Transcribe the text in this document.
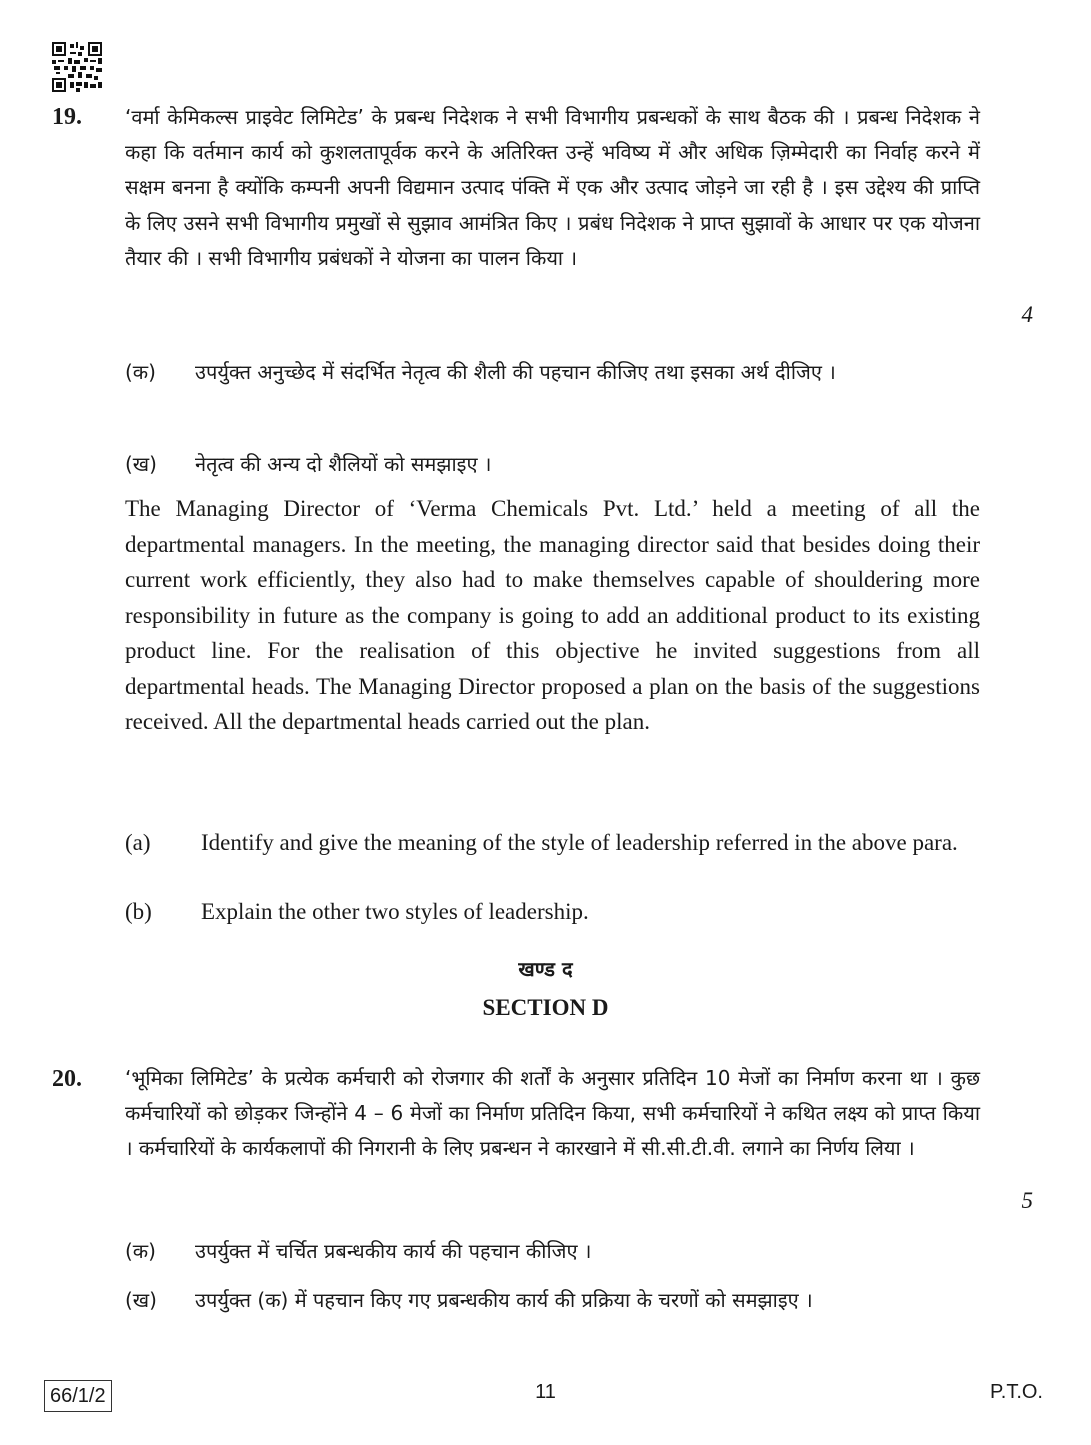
19. ‘वर्मा केमिकल्स प्राइवेट लिमिटेड’ के प्रबन्ध निदेशक ने सभी विभागीय प्रबन्धकों के साथ बैठक की । प्रबन्ध निदेशक ने कहा कि वर्तमान कार्य को कुशलतापूर्वक करने के अतिरिक्त उन्हें भविष्य में और अधिक ज़िम्मेदारी का निर्वाह करने में सक्षम बनना है क्योंकि कम्पनी अपनी विद्यमान उत्पाद पंक्ति में एक और उत्पाद जोड़ने जा रही है । इस उद्देश्य की प्राप्ति के लिए उसने सभी विभागीय प्रमुखों से सुझाव आमंत्रित किए । प्रबंध निदेशक ने प्राप्त सुझावों के आधार पर एक योजना तैयार की । सभी विभागीय प्रबंधकों ने योजना का पालन किया ।
4
(क) उपर्युक्त अनुच्छेद में संदर्भित नेतृत्व की शैली की पहचान कीजिए तथा इसका अर्थ दीजिए ।
(ख) नेतृत्व की अन्य दो शैलियों को समझाइए ।
The Managing Director of ‘Verma Chemicals Pvt. Ltd.’ held a meeting of all the departmental managers. In the meeting, the managing director said that besides doing their current work efficiently, they also had to make themselves capable of shouldering more responsibility in future as the company is going to add an additional product to its existing product line. For the realisation of this objective he invited suggestions from all departmental heads. The Managing Director proposed a plan on the basis of the suggestions received. All the departmental heads carried out the plan.
(a) Identify and give the meaning of the style of leadership referred in the above para.
(b) Explain the other two styles of leadership.
खण्ड द
SECTION D
20. ‘भूमिका लिमिटेड’ के प्रत्येक कर्मचारी को रोजगार की शर्तों के अनुसार प्रतिदिन 10 मेजों का निर्माण करना था । कुछ कर्मचारियों को छोड़कर जिन्होंने 4 – 6 मेजों का निर्माण प्रतिदिन किया, सभी कर्मचारियों ने कथित लक्ष्य को प्राप्त किया । कर्मचारियों के कार्यकलापों की निगरानी के लिए प्रबन्धन ने कारखाने में सी.सी.टी.वी. लगाने का निर्णय लिया ।
5
(क) उपर्युक्त में चर्चित प्रबन्धकीय कार्य की पहचान कीजिए ।
(ख) उपर्युक्त (क) में पहचान किए गए प्रबन्धकीय कार्य की प्रक्रिया के चरणों को समझाइए ।
66/1/2	11	P.T.O.
